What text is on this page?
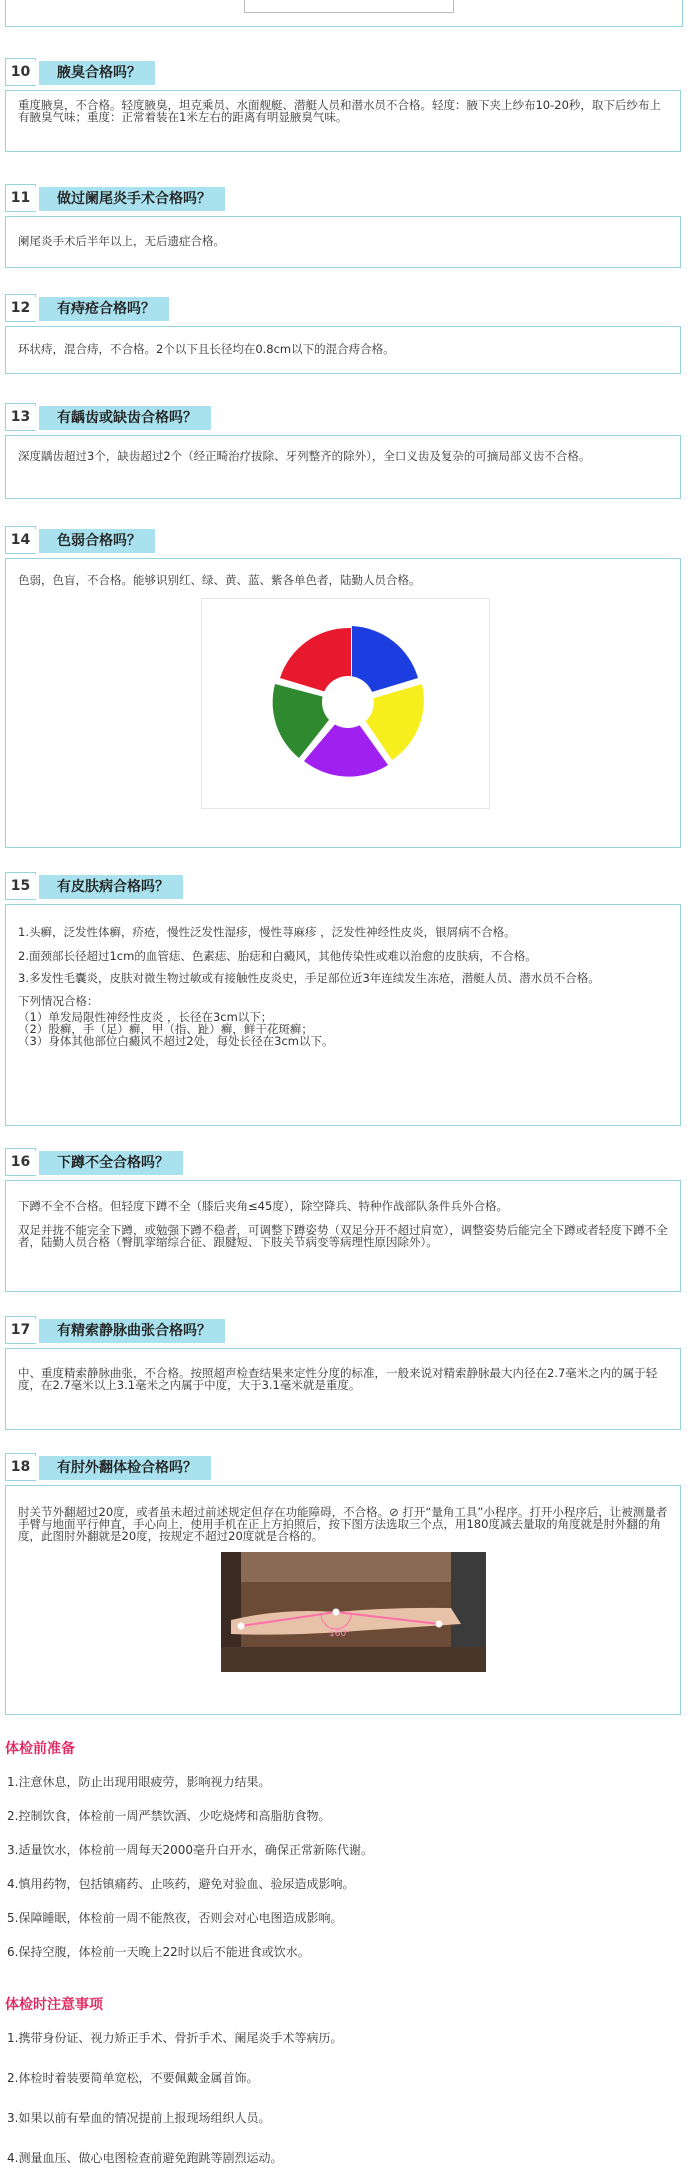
10	腋臭合格吗？

重度腋臭，不合格。轻度腋臭，坦克乘员、水面舰艇、潜艇人员和潜水员不合格。轻度：腋下夹上纱布10-20秒，取下后纱布上有腋臭气味；重度：正常着装在1米左右的距离有明显腋臭气味。

11	做过阑尾炎手术合格吗？

阑尾炎手术后半年以上，无后遗症合格。

12	有痔疮合格吗？

环状痔，混合痔，不合格。2个以下且长径均在0.8cm以下的混合痔合格。

13	有龋齿或缺齿合格吗？

深度龋齿超过3个，缺齿超过2个（经正畸治疗拔除、牙列整齐的除外），全口义齿及复杂的可摘局部义齿不合格。

14	色弱合格吗？

色弱，色盲，不合格。能够识别红、绿、黄、蓝、紫各单色者，陆勤人员合格。

15	有皮肤病合格吗？

1.头癣，泛发性体癣，疥疮，慢性泛发性湿疹，慢性荨麻疹 ，泛发性神经性皮炎，银屑病不合格。

2.面颈部长径超过1cm的血管痣、色素痣、胎痣和白癜风，其他传染性或难以治愈的皮肤病，不合格。

3.多发性毛囊炎，皮肤对微生物过敏或有接触性皮炎史，手足部位近3年连续发生冻疮，潜艇人员、潜水员不合格。

下列情况合格：

（1）单发局限性神经性皮炎 ，长径在3cm以下；

（2）股癣，手（足）癣，甲（指、趾）癣，鲜干花斑癣；

（3）身体其他部位白癜风不超过2处，每处长径在3cm以下。

16	下蹲不全合格吗？

下蹲不全不合格。但轻度下蹲不全（膝后夹角≤45度），除空降兵、特种作战部队条件兵外合格。

双足并拢不能完全下蹲，或勉强下蹲不稳者，可调整下蹲姿势（双足分开不超过肩宽），调整姿势后能完全下蹲或者轻度下蹲不全者，陆勤人员合格（臀肌挛缩综合征、跟腱短、下肢关节病变等病理性原因除外）。

17	有精索静脉曲张合格吗？

中、重度精索静脉曲张，不合格。按照超声检查结果来定性分度的标准，一般来说对精索静脉最大内径在2.7毫米之内的属于轻度，在2.7毫米以上3.1毫米之内属于中度，大于3.1毫米就是重度。

18	有肘外翻体检合格吗？

肘关节外翻超过20度，或者虽未超过前述规定但存在功能障碍，不合格。⊘ 打开“量角工具”小程序。打开小程序后，让被测量者手臂与地面平行伸直，手心向上，使用手机在正上方拍照后，按下图方法选取三个点，用180度减去量取的角度就是肘外翻的角度，此图肘外翻就是20度，按规定不超过20度就是合格的。

160°
体检前准备
1.注意休息，防止出现用眼疲劳，影响视力结果。
2.控制饮食，体检前一周严禁饮酒、少吃烧烤和高脂肪食物。
3.适量饮水，体检前一周每天2000毫升白开水，确保正常新陈代谢。
4.慎用药物，包括镇痛药、止咳药，避免对验血、验尿造成影响。
5.保障睡眠，体检前一周不能熬夜，否则会对心电图造成影响。
6.保持空腹，体检前一天晚上22时以后不能进食或饮水。
体检时注意事项
1.携带身份证、视力矫正手术、骨折手术、阑尾炎手术等病历。
2.体检时着装要简单宽松，不要佩戴金属首饰。
3.如果以前有晕血的情况提前上报现场组织人员。
4.测量血压、做心电图检查前避免跑跳等剧烈运动。
